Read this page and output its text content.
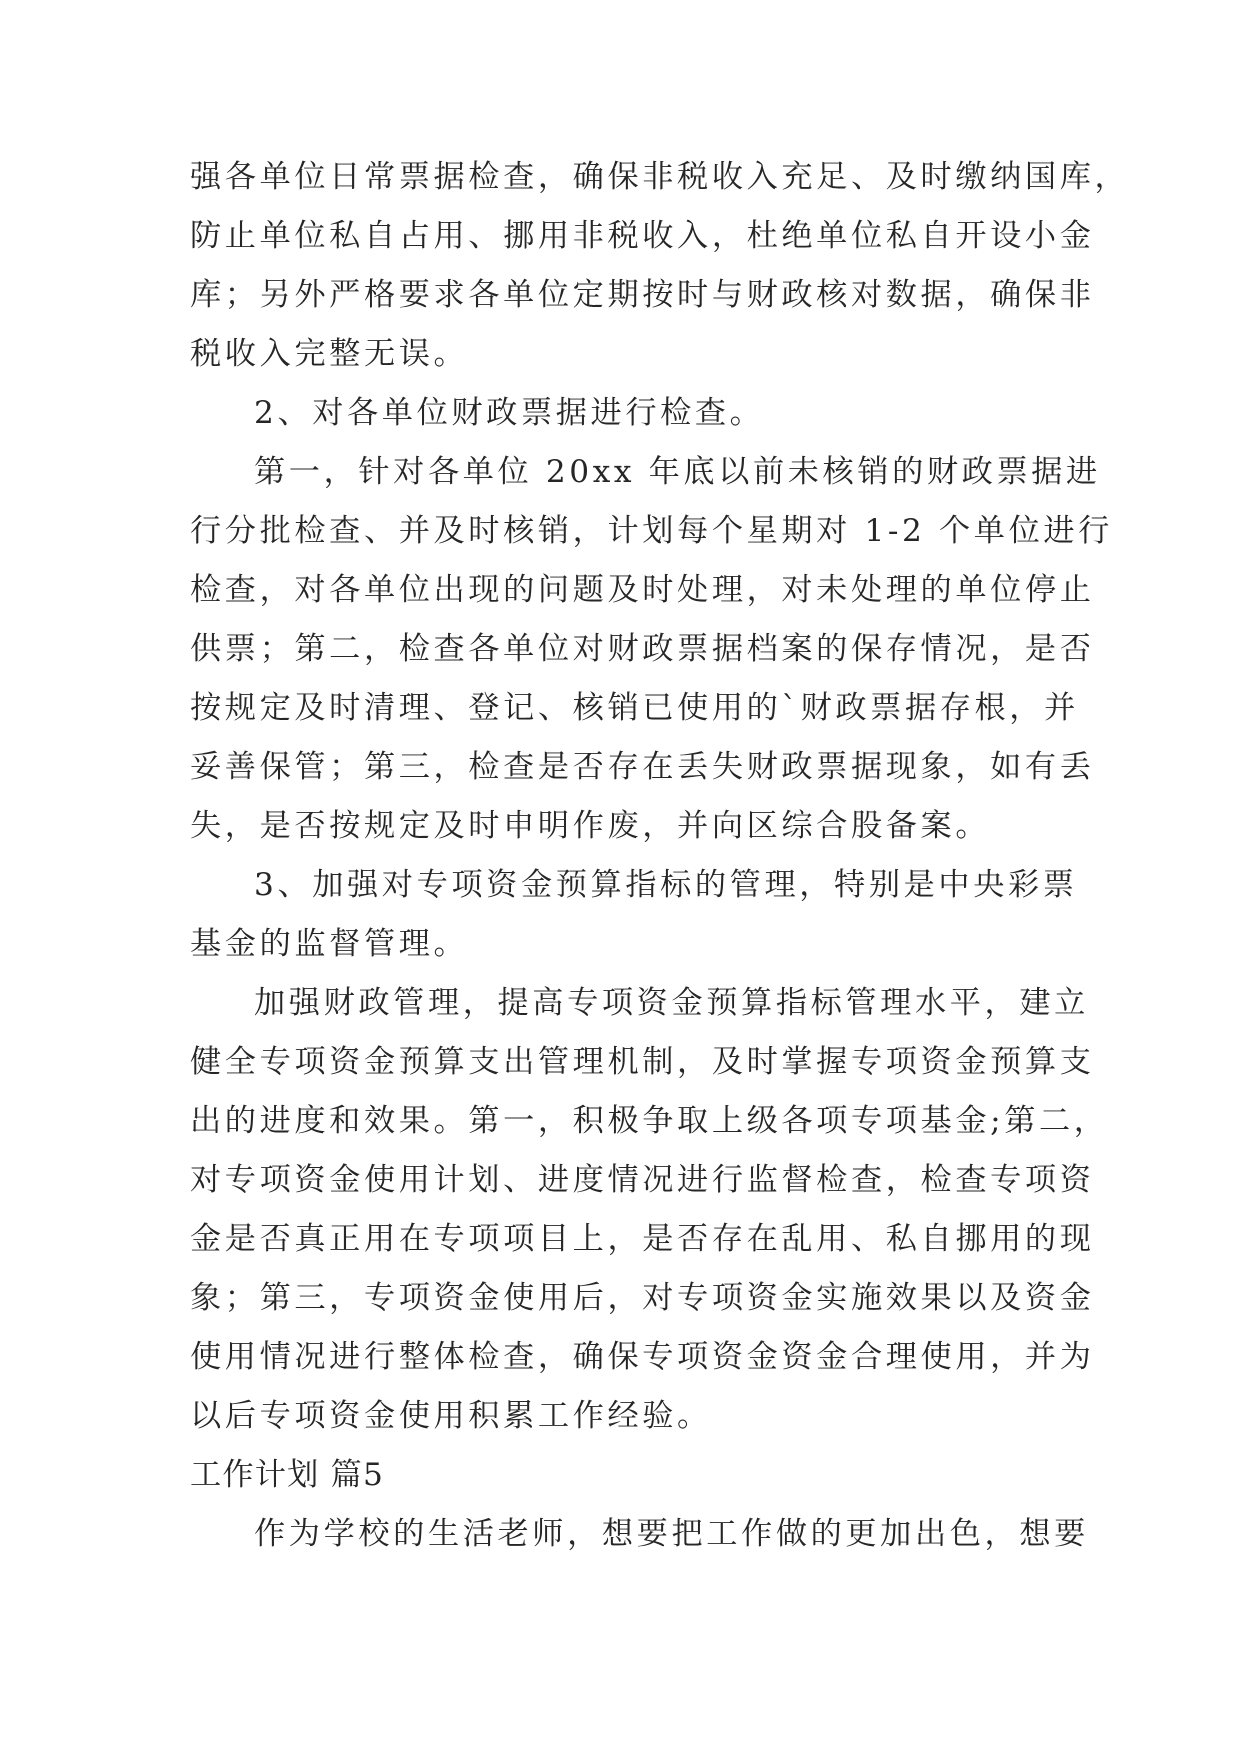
强各单位日常票据检查，确保非税收入充足、及时缴纳国库，
防止单位私自占用、挪用非税收入，杜绝单位私自开设小金
库；另外严格要求各单位定期按时与财政核对数据，确保非
税收入完整无误。
2、对各单位财政票据进行检查。
第一，针对各单位 20xx 年底以前未核销的财政票据进
行分批检查、并及时核销，计划每个星期对 1-2 个单位进行
检查，对各单位出现的问题及时处理，对未处理的单位停止
供票；第二，检查各单位对财政票据档案的保存情况，是否
按规定及时清理、登记、核销已使用的`财政票据存根，并
妥善保管；第三，检查是否存在丢失财政票据现象，如有丢
失，是否按规定及时申明作废，并向区综合股备案。
3、加强对专项资金预算指标的管理，特别是中央彩票
基金的监督管理。
加强财政管理，提高专项资金预算指标管理水平，建立
健全专项资金预算支出管理机制，及时掌握专项资金预算支
出的进度和效果。第一，积极争取上级各项专项基金;第二，
对专项资金使用计划、进度情况进行监督检查，检查专项资
金是否真正用在专项项目上，是否存在乱用、私自挪用的现
象；第三，专项资金使用后，对专项资金实施效果以及资金
使用情况进行整体检查，确保专项资金资金合理使用，并为
以后专项资金使用积累工作经验。
工作计划 篇5
作为学校的生活老师，想要把工作做的更加出色，想要
